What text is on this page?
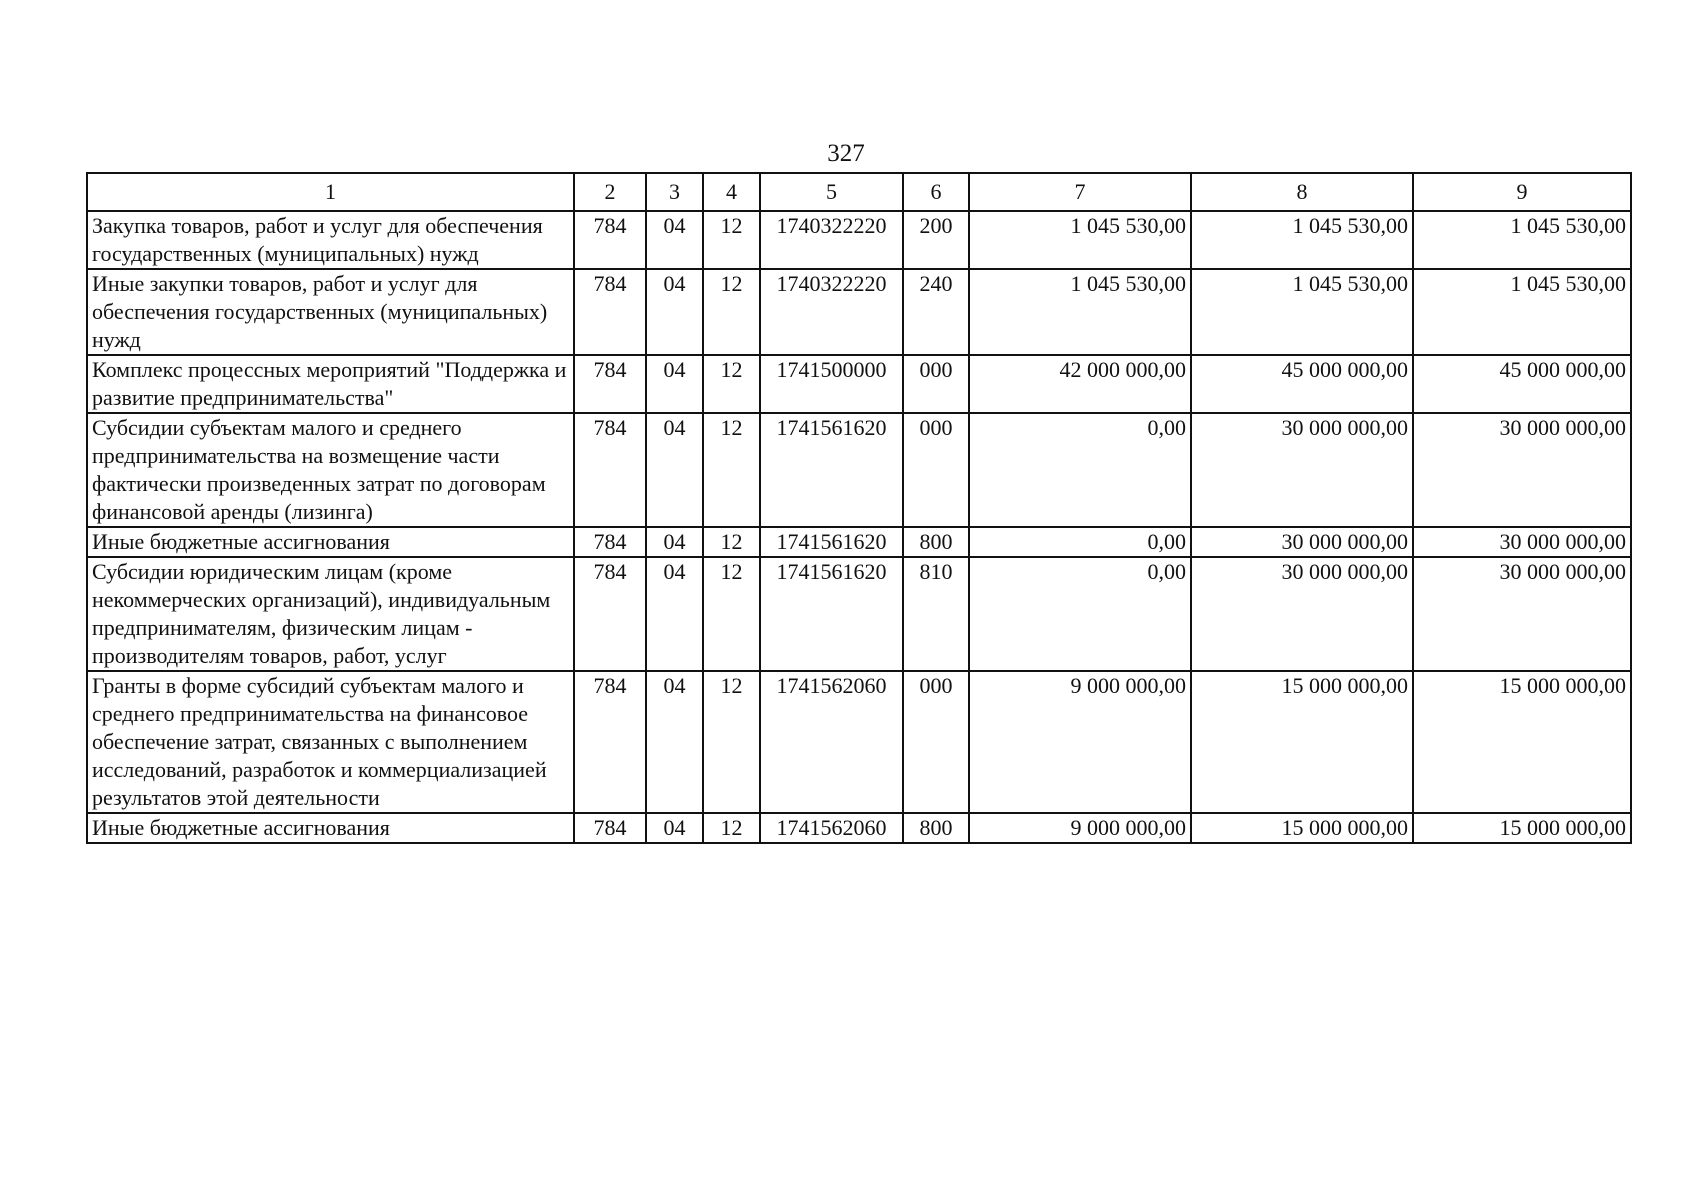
327
1	2	3	4	5	6	7	8	9
Закупка товаров, работ и услуг для обеспечения государственных (муниципальных) нужд	784	04	12	1740322220	200	1 045 530,00	1 045 530,00	1 045 530,00
Иные закупки товаров, работ и услуг для обеспечения государственных (муниципальных) нужд	784	04	12	1740322220	240	1 045 530,00	1 045 530,00	1 045 530,00
Комплекс процессных мероприятий "Поддержка и развитие предпринимательства"	784	04	12	1741500000	000	42 000 000,00	45 000 000,00	45 000 000,00
Субсидии субъектам малого и среднего предпринимательства на возмещение части фактически произведенных затрат по договорам финансовой аренды (лизинга)	784	04	12	1741561620	000	0,00	30 000 000,00	30 000 000,00
Иные бюджетные ассигнования	784	04	12	1741561620	800	0,00	30 000 000,00	30 000 000,00
Субсидии юридическим лицам (кроме некоммерческих организаций), индивидуальным предпринимателям, физическим лицам - производителям товаров, работ, услуг	784	04	12	1741561620	810	0,00	30 000 000,00	30 000 000,00
Гранты в форме субсидий субъектам малого и среднего предпринимательства на финансовое обеспечение затрат, связанных с выполнением исследований, разработок и коммерциализацией результатов этой деятельности	784	04	12	1741562060	000	9 000 000,00	15 000 000,00	15 000 000,00
Иные бюджетные ассигнования	784	04	12	1741562060	800	9 000 000,00	15 000 000,00	15 000 000,00
